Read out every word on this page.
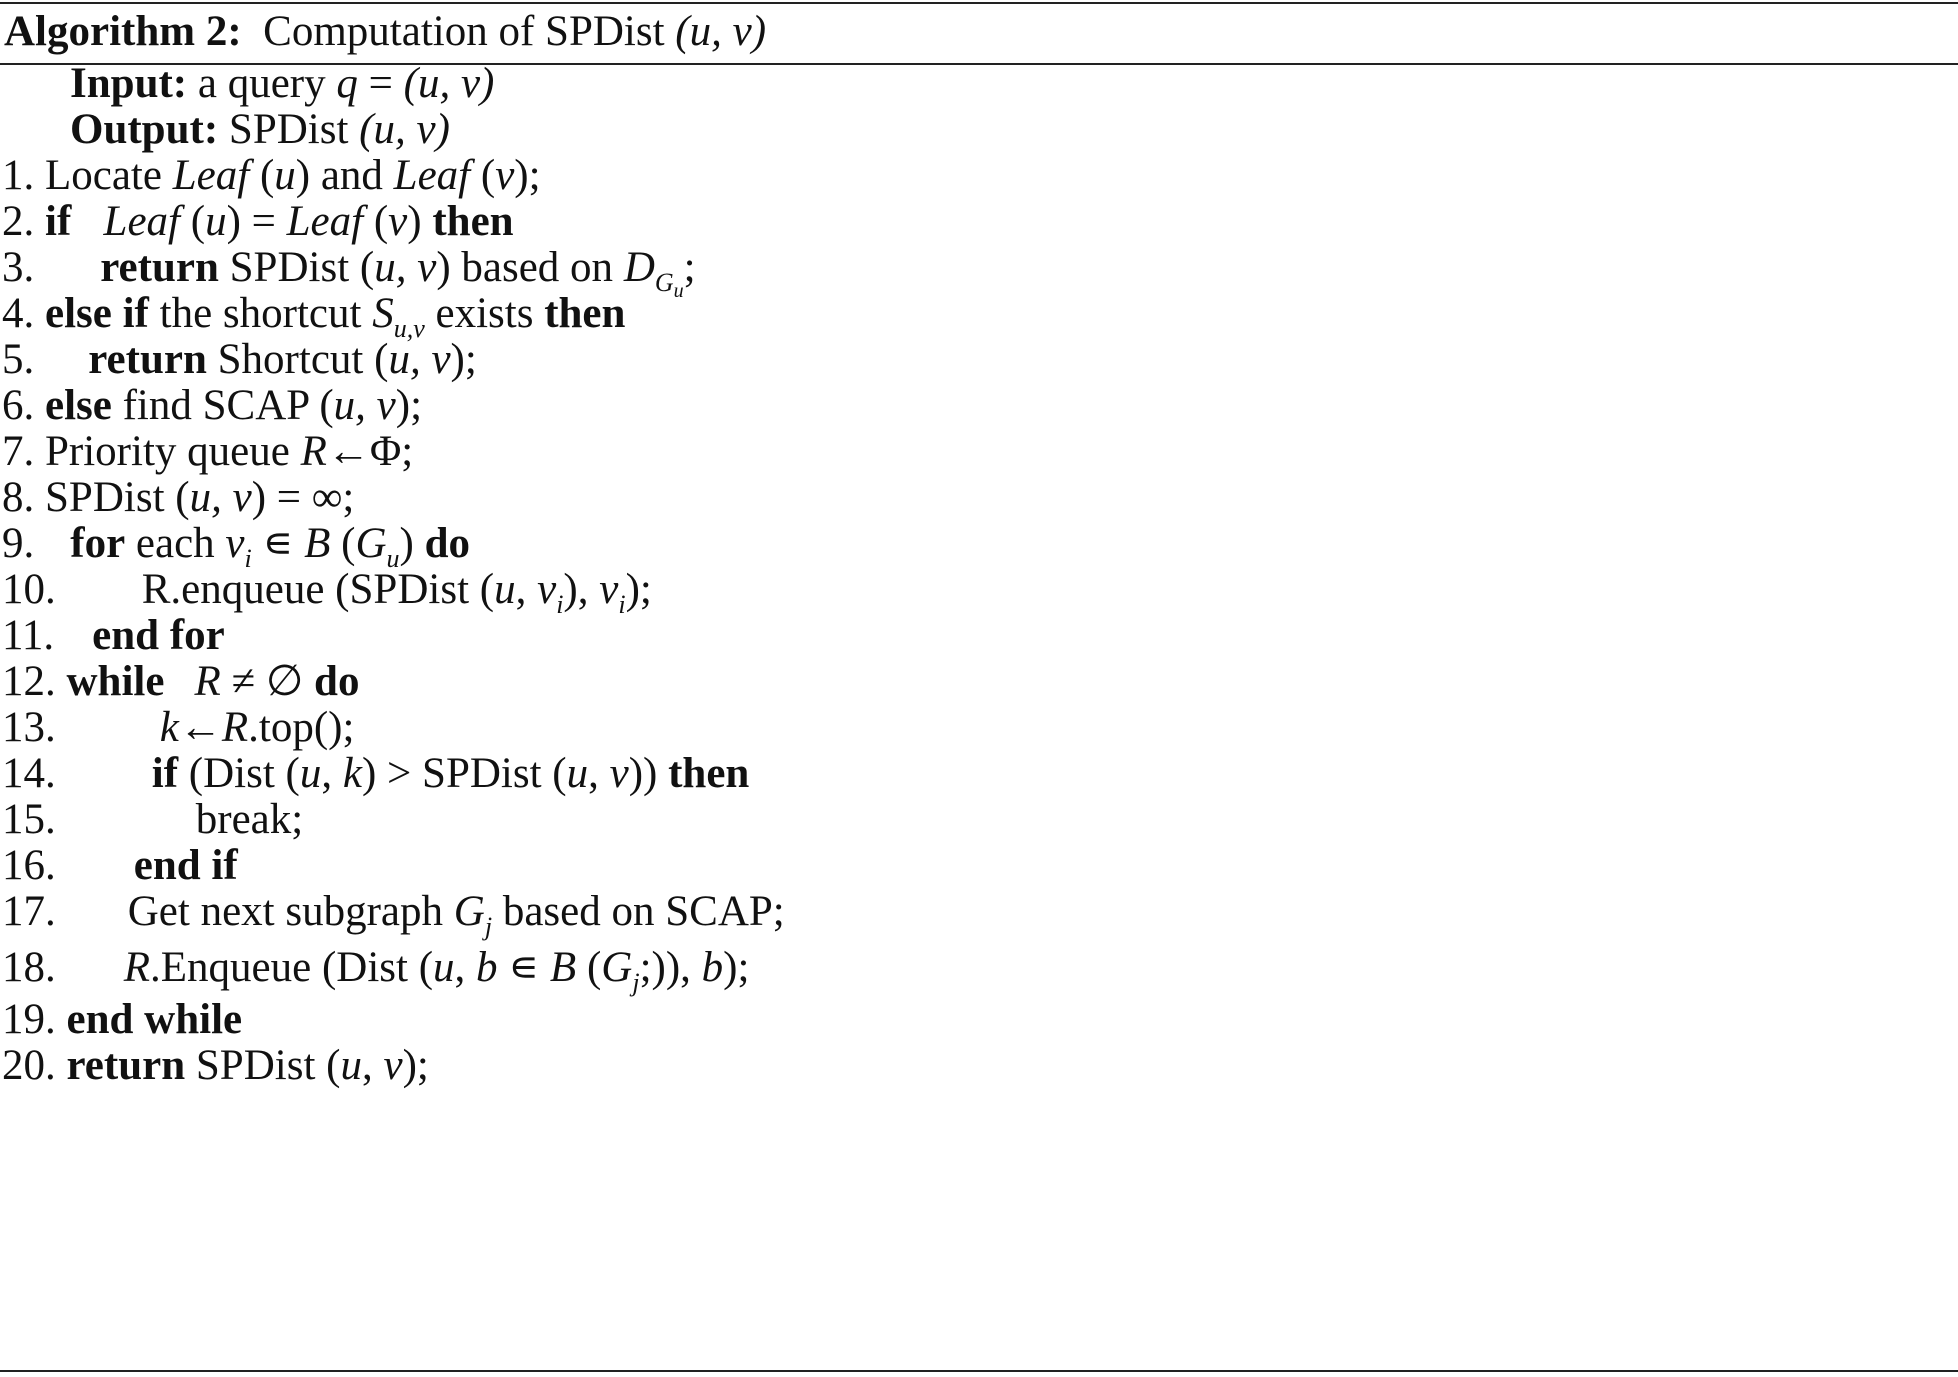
Algorithm 2: Computation of SPDist (u, v)
Input: a query q = (u, v)
Output: SPDist (u, v)
1. Locate Leaf (u) and Leaf (v);
2. if Leaf (u) = Leaf (v) then
3. return SPDist (u, v) based on $D_{G_u}$;
4. else if the shortcut $S_{u,v}$ exists then
5. return Shortcut (u, v);
6. else find SCAP (u, v);
7. Priority queue R←Φ;
8. SPDist (u, v) = ∞;
9. for each $v_i$ ∊ B $(G_u)$ do
10. R.enqueue (SPDist (u, $v_i$), $v_i$);
11. end for
12. while R ≠ ∅ do
13. k←R.top();
14. if (Dist (u, k) > SPDist (u, v)) then
15.	break;
16. end if
17. Get next subgraph $G_j$ based on SCAP;
18. R.Enqueue (Dist (u, b ∊ B $(G_j;)$), b);
19. end while
20. return SPDist (u, v);
